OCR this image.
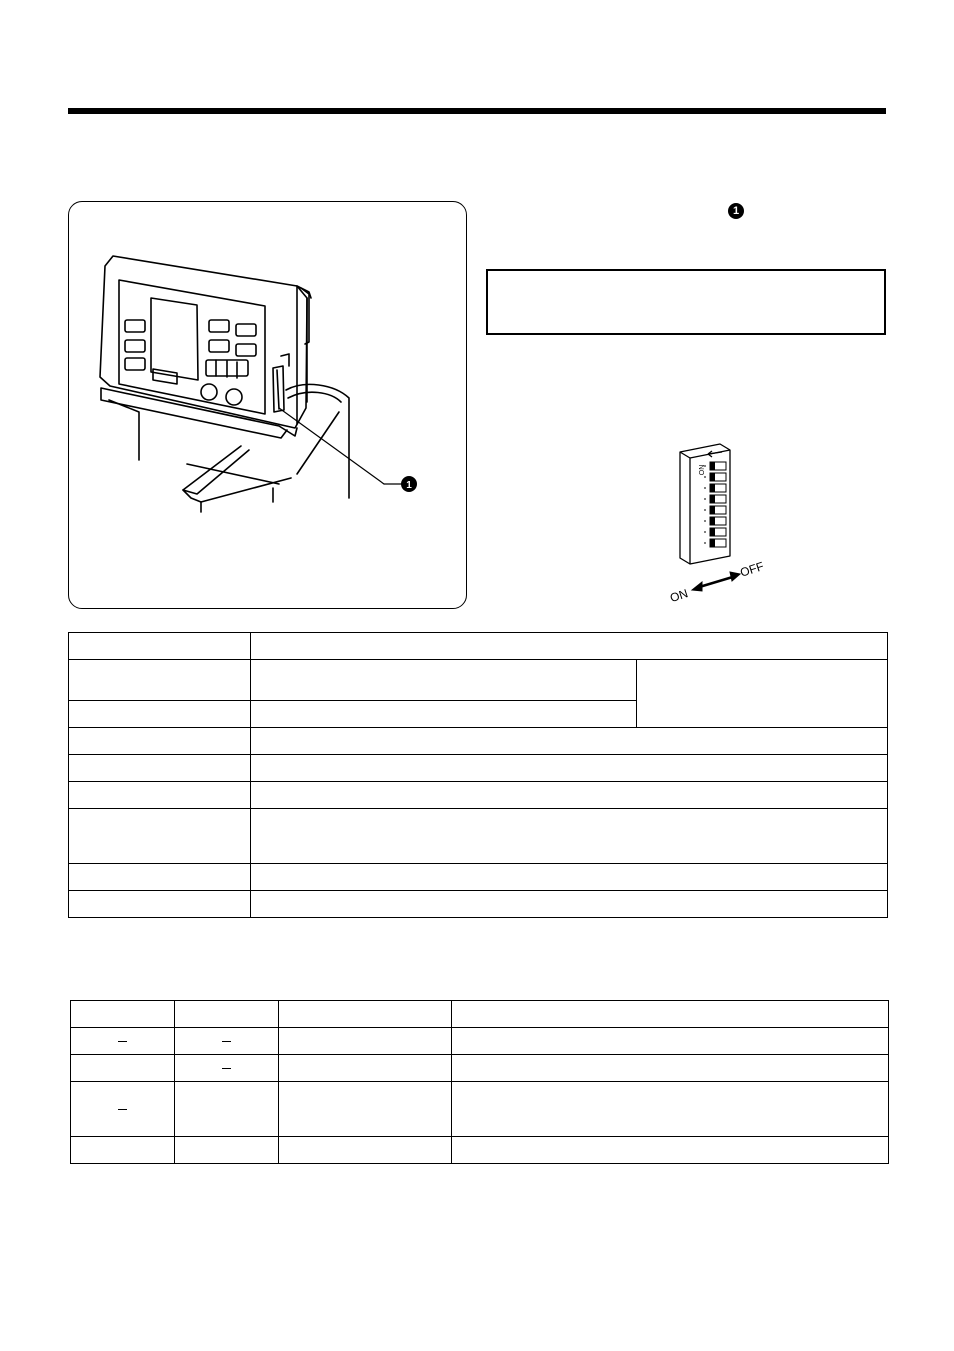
1
1
ON
ON
OFF
